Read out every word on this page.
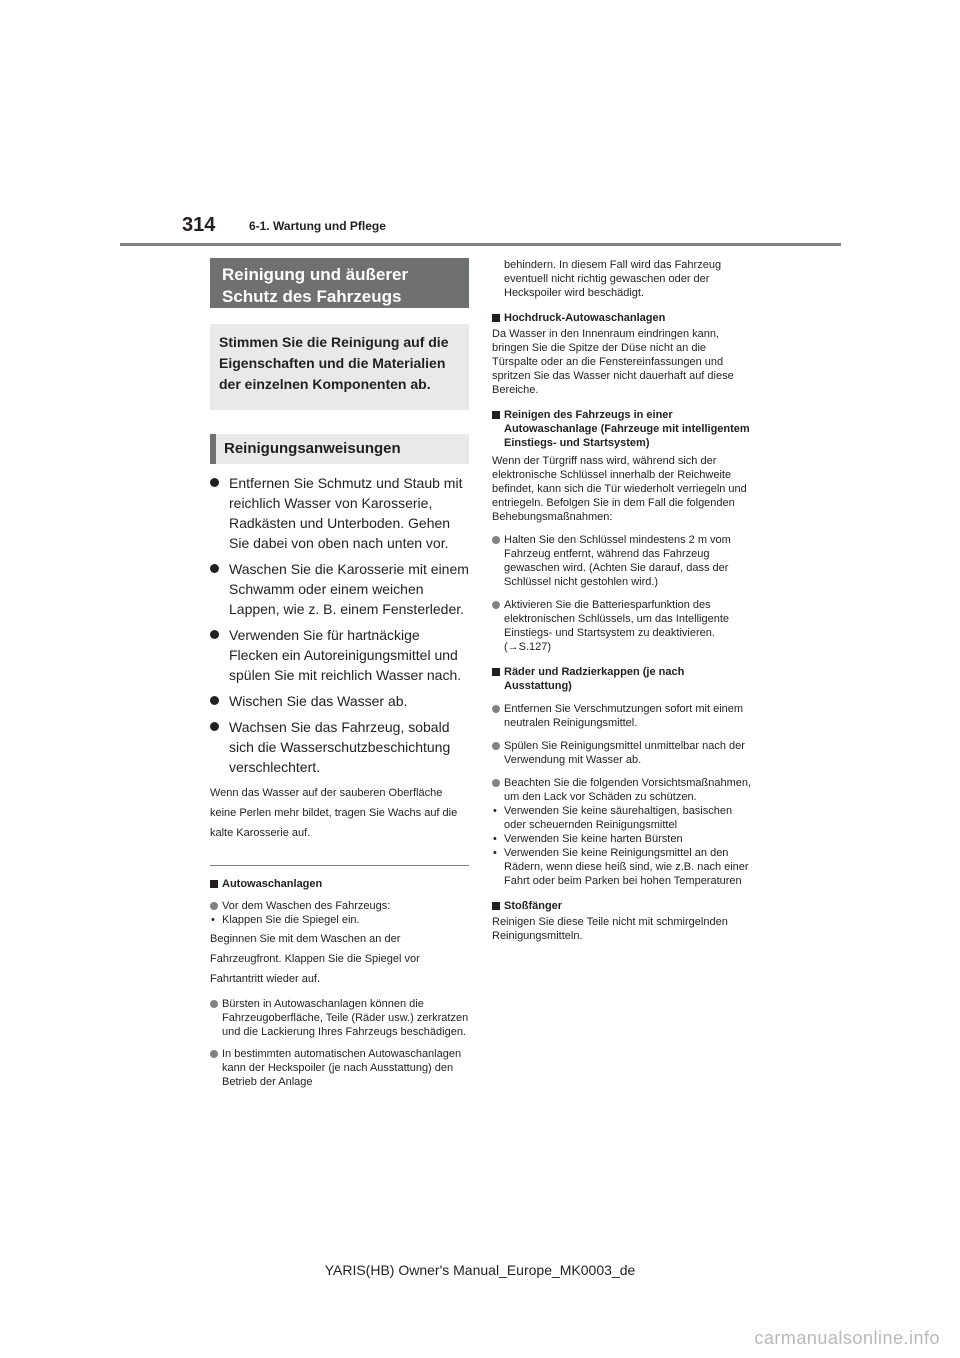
314	6-1. Wartung und Pflege
Reinigung und äußerer Schutz des Fahrzeugs
Stimmen Sie die Reinigung auf die Eigenschaften und die Materialien der einzelnen Komponenten ab.
Reinigungsanweisungen
Entfernen Sie Schmutz und Staub mit reichlich Wasser von Karosserie, Radkästen und Unterboden. Gehen Sie dabei von oben nach unten vor.
Waschen Sie die Karosserie mit einem Schwamm oder einem weichen Lappen, wie z. B. einem Fensterleder.
Verwenden Sie für hartnäckige Flecken ein Autoreinigungsmittel und spülen Sie mit reichlich Wasser nach.
Wischen Sie das Wasser ab.
Wachsen Sie das Fahrzeug, sobald sich die Wasserschutzbeschichtung verschlechtert.
Wenn das Wasser auf der sauberen Oberfläche keine Perlen mehr bildet, tragen Sie Wachs auf die kalte Karosserie auf.
Autowaschanlagen
Vor dem Waschen des Fahrzeugs:
• Klappen Sie die Spiegel ein.
Beginnen Sie mit dem Waschen an der Fahrzeugfront. Klappen Sie die Spiegel vor Fahrtantritt wieder auf.
Bürsten in Autowaschanlagen können die Fahrzeugoberfläche, Teile (Räder usw.) zerkratzen und die Lackierung Ihres Fahrzeugs beschädigen.
In bestimmten automatischen Autowaschanlagen kann der Heckspoiler (je nach Ausstattung) den Betrieb der Anlage
behindern. In diesem Fall wird das Fahrzeug eventuell nicht richtig gewaschen oder der Heckspoiler wird beschädigt.
Hochdruck-Autowaschanlagen
Da Wasser in den Innenraum eindringen kann, bringen Sie die Spitze der Düse nicht an die Türspalte oder an die Fenstereinfassungen und spritzen Sie das Wasser nicht dauerhaft auf diese Bereiche.
Reinigen des Fahrzeugs in einer Autowaschanlage (Fahrzeuge mit intelligentem Einstiegs- und Startsystem)
Wenn der Türgriff nass wird, während sich der elektronische Schlüssel innerhalb der Reichweite befindet, kann sich die Tür wiederholt verriegeln und entriegeln. Befolgen Sie in dem Fall die folgenden Behebungsmaßnahmen:
Halten Sie den Schlüssel mindestens 2 m vom Fahrzeug entfernt, während das Fahrzeug gewaschen wird. (Achten Sie darauf, dass der Schlüssel nicht gestohlen wird.)
Aktivieren Sie die Batteriesparfunktion des elektronischen Schlüssels, um das Intelligente Einstiegs- und Startsystem zu deaktivieren. (→S.127)
Räder und Radzierkappen (je nach Ausstattung)
Entfernen Sie Verschmutzungen sofort mit einem neutralen Reinigungsmittel.
Spülen Sie Reinigungsmittel unmittelbar nach der Verwendung mit Wasser ab.
Beachten Sie die folgenden Vorsichtsmaßnahmen, um den Lack vor Schäden zu schützen.
• Verwenden Sie keine säurehaltigen, basischen oder scheuernden Reinigungsmittel
• Verwenden Sie keine harten Bürsten
• Verwenden Sie keine Reinigungsmittel an den Rädern, wenn diese heiß sind, wie z.B. nach einer Fahrt oder beim Parken bei hohen Temperaturen
Stoßfänger
Reinigen Sie diese Teile nicht mit schmirgelnden Reinigungsmitteln.
YARIS(HB) Owner's Manual_Europe_MK0003_de
carmanualsonline.info
